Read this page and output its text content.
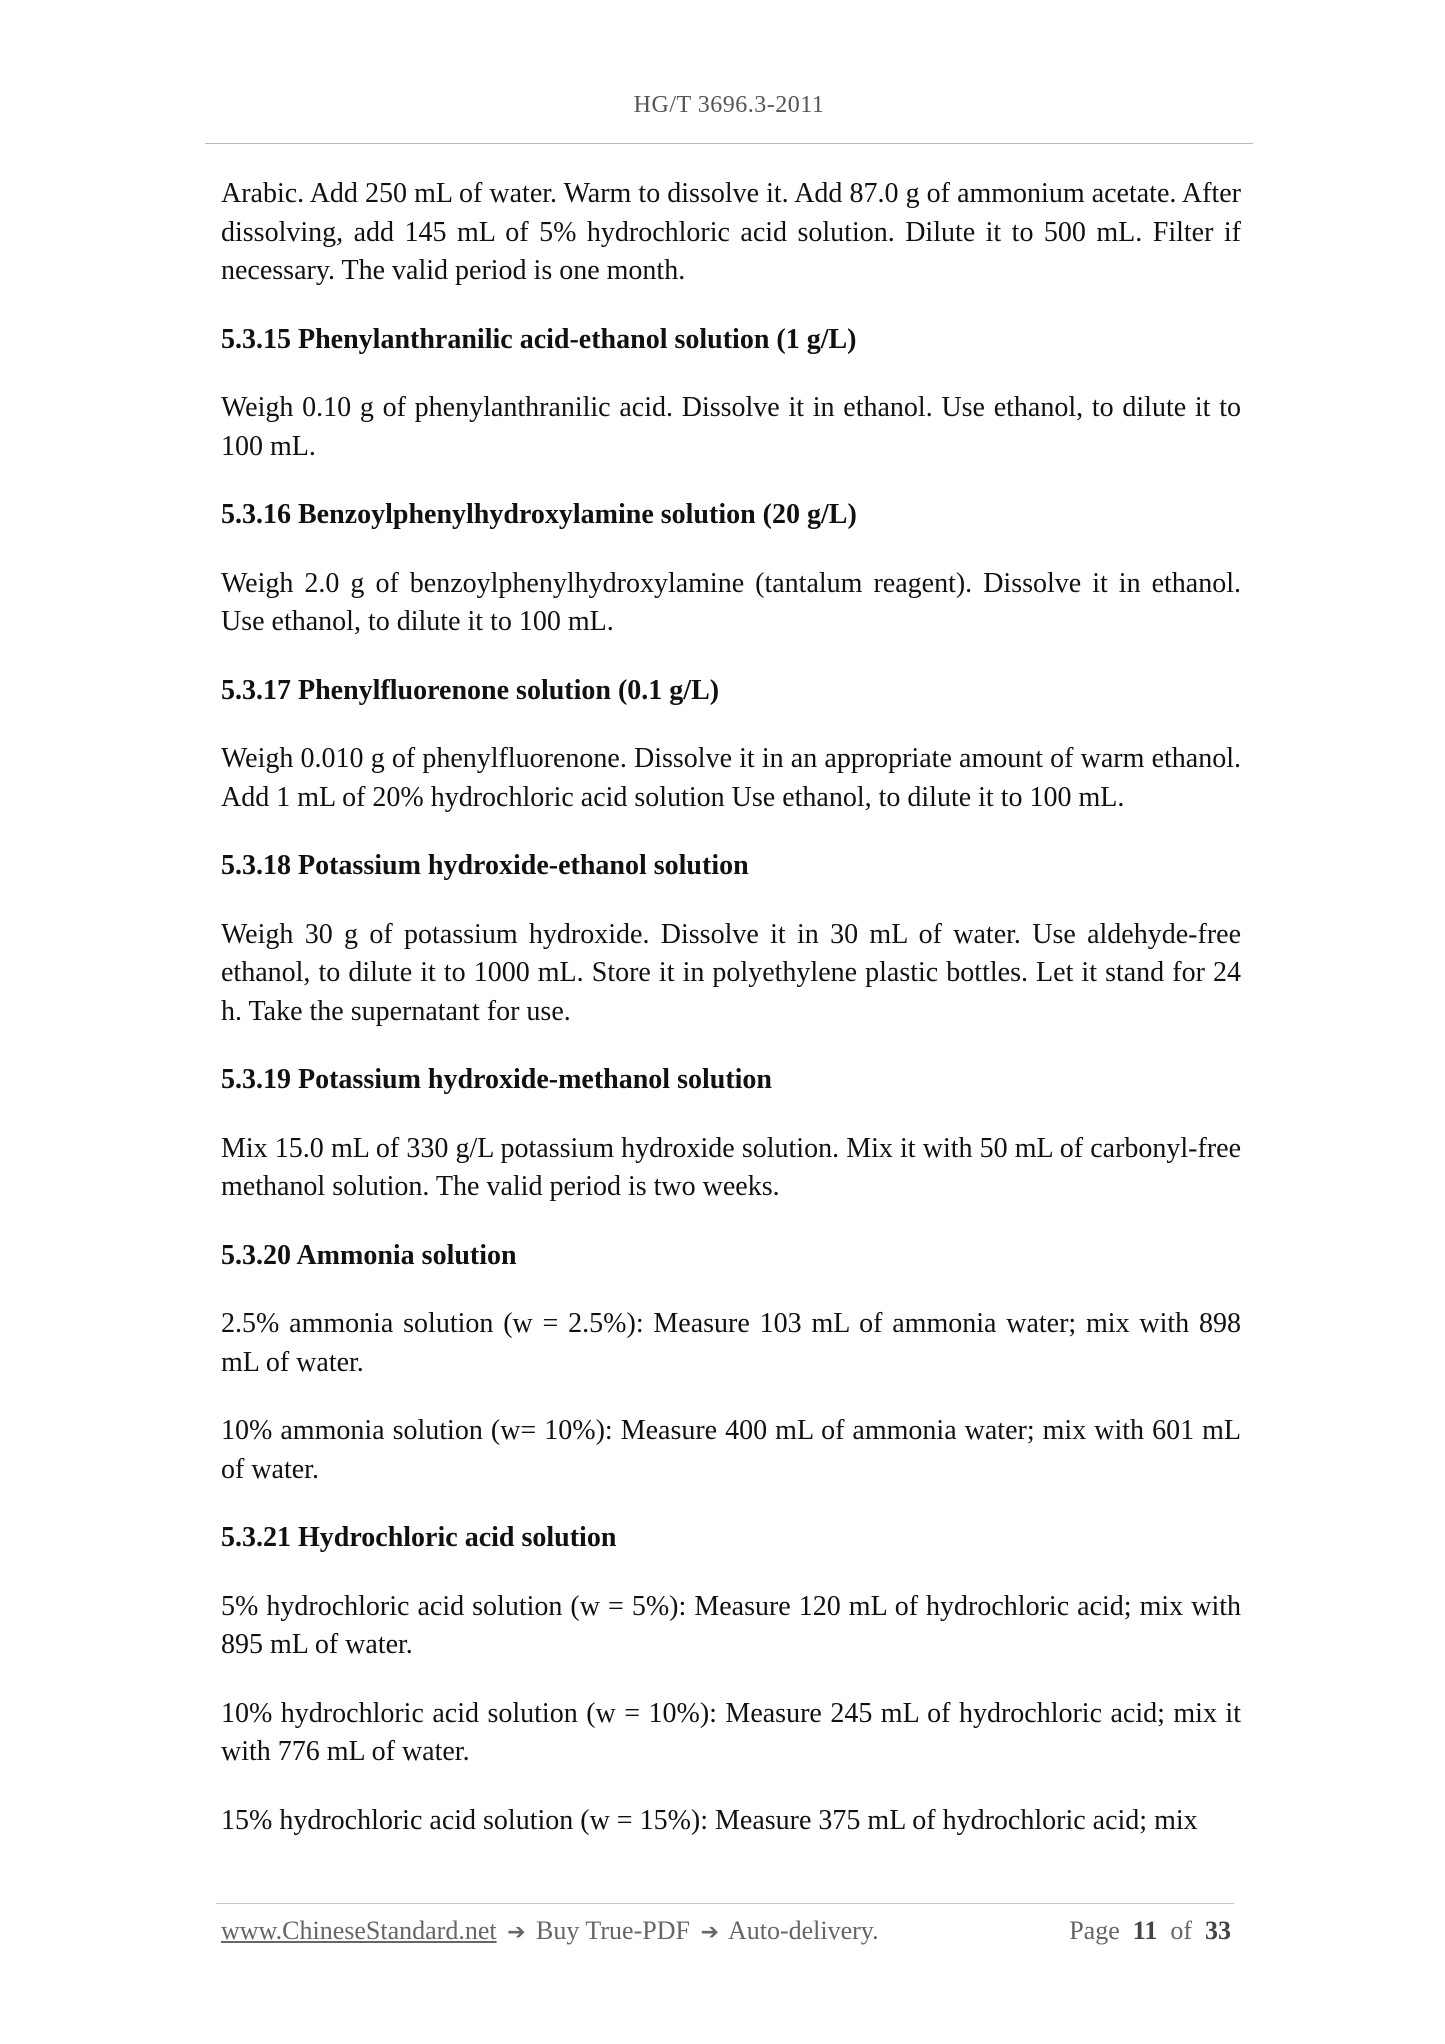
HG/T 3696.3-2011

Arabic. Add 250 mL of water. Warm to dissolve it. Add 87.0 g of ammonium acetate. After dissolving, add 145 mL of 5% hydrochloric acid solution. Dilute it to 500 mL. Filter if necessary. The valid period is one month.

5.3.15 Phenylanthranilic acid-ethanol solution (1 g/L)

Weigh 0.10 g of phenylanthranilic acid. Dissolve it in ethanol. Use ethanol, to dilute it to 100 mL.

5.3.16 Benzoylphenylhydroxylamine solution (20 g/L)

Weigh 2.0 g of benzoylphenylhydroxylamine (tantalum reagent). Dissolve it in ethanol. Use ethanol, to dilute it to 100 mL.

5.3.17 Phenylfluorenone solution (0.1 g/L)

Weigh 0.010 g of phenylfluorenone. Dissolve it in an appropriate amount of warm ethanol. Add 1 mL of 20% hydrochloric acid solution Use ethanol, to dilute it to 100 mL.

5.3.18 Potassium hydroxide-ethanol solution

Weigh 30 g of potassium hydroxide. Dissolve it in 30 mL of water. Use aldehyde-free ethanol, to dilute it to 1000 mL. Store it in polyethylene plastic bottles. Let it stand for 24 h. Take the supernatant for use.

5.3.19 Potassium hydroxide-methanol solution

Mix 15.0 mL of 330 g/L potassium hydroxide solution. Mix it with 50 mL of carbonyl-free methanol solution. The valid period is two weeks.

5.3.20 Ammonia solution

2.5% ammonia solution (w = 2.5%): Measure 103 mL of ammonia water; mix with 898 mL of water.

10% ammonia solution (w= 10%): Measure 400 mL of ammonia water; mix with 601 mL of water.

5.3.21 Hydrochloric acid solution

5% hydrochloric acid solution (w = 5%): Measure 120 mL of hydrochloric acid; mix with 895 mL of water.

10% hydrochloric acid solution (w = 10%): Measure 245 mL of hydrochloric acid; mix it with 776 mL of water.

15% hydrochloric acid solution (w = 15%): Measure 375 mL of hydrochloric acid; mix

www.ChineseStandard.net ➔ Buy True-PDF ➔ Auto-delivery.	Page 11 of 33
